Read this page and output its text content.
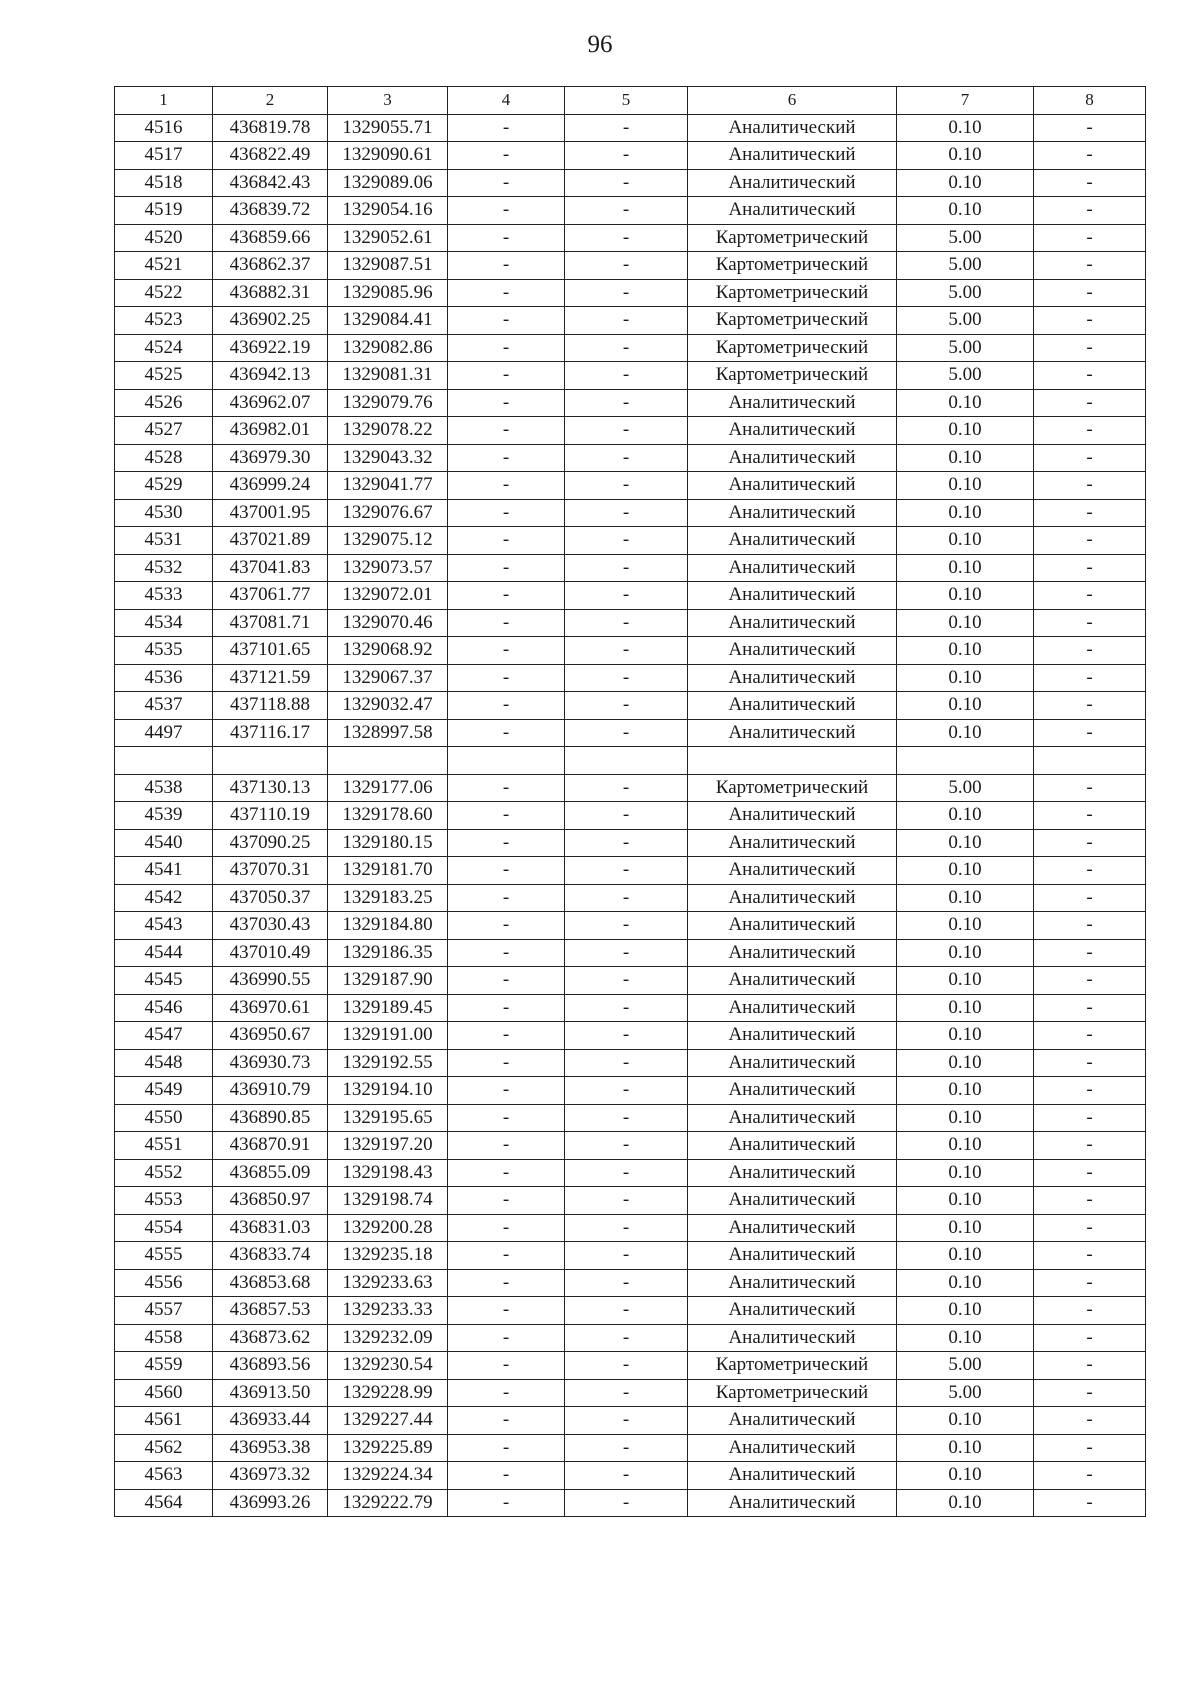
96
1	2	3	4	5	6	7	8
4516	436819.78	1329055.71	-	-	Аналитический	0.10	-
4517	436822.49	1329090.61	-	-	Аналитический	0.10	-
4518	436842.43	1329089.06	-	-	Аналитический	0.10	-
4519	436839.72	1329054.16	-	-	Аналитический	0.10	-
4520	436859.66	1329052.61	-	-	Картометрический	5.00	-
4521	436862.37	1329087.51	-	-	Картометрический	5.00	-
4522	436882.31	1329085.96	-	-	Картометрический	5.00	-
4523	436902.25	1329084.41	-	-	Картометрический	5.00	-
4524	436922.19	1329082.86	-	-	Картометрический	5.00	-
4525	436942.13	1329081.31	-	-	Картометрический	5.00	-
4526	436962.07	1329079.76	-	-	Аналитический	0.10	-
4527	436982.01	1329078.22	-	-	Аналитический	0.10	-
4528	436979.30	1329043.32	-	-	Аналитический	0.10	-
4529	436999.24	1329041.77	-	-	Аналитический	0.10	-
4530	437001.95	1329076.67	-	-	Аналитический	0.10	-
4531	437021.89	1329075.12	-	-	Аналитический	0.10	-
4532	437041.83	1329073.57	-	-	Аналитический	0.10	-
4533	437061.77	1329072.01	-	-	Аналитический	0.10	-
4534	437081.71	1329070.46	-	-	Аналитический	0.10	-
4535	437101.65	1329068.92	-	-	Аналитический	0.10	-
4536	437121.59	1329067.37	-	-	Аналитический	0.10	-
4537	437118.88	1329032.47	-	-	Аналитический	0.10	-
4497	437116.17	1328997.58	-	-	Аналитический	0.10	-

4538	437130.13	1329177.06	-	-	Картометрический	5.00	-
4539	437110.19	1329178.60	-	-	Аналитический	0.10	-
4540	437090.25	1329180.15	-	-	Аналитический	0.10	-
4541	437070.31	1329181.70	-	-	Аналитический	0.10	-
4542	437050.37	1329183.25	-	-	Аналитический	0.10	-
4543	437030.43	1329184.80	-	-	Аналитический	0.10	-
4544	437010.49	1329186.35	-	-	Аналитический	0.10	-
4545	436990.55	1329187.90	-	-	Аналитический	0.10	-
4546	436970.61	1329189.45	-	-	Аналитический	0.10	-
4547	436950.67	1329191.00	-	-	Аналитический	0.10	-
4548	436930.73	1329192.55	-	-	Аналитический	0.10	-
4549	436910.79	1329194.10	-	-	Аналитический	0.10	-
4550	436890.85	1329195.65	-	-	Аналитический	0.10	-
4551	436870.91	1329197.20	-	-	Аналитический	0.10	-
4552	436855.09	1329198.43	-	-	Аналитический	0.10	-
4553	436850.97	1329198.74	-	-	Аналитический	0.10	-
4554	436831.03	1329200.28	-	-	Аналитический	0.10	-
4555	436833.74	1329235.18	-	-	Аналитический	0.10	-
4556	436853.68	1329233.63	-	-	Аналитический	0.10	-
4557	436857.53	1329233.33	-	-	Аналитический	0.10	-
4558	436873.62	1329232.09	-	-	Аналитический	0.10	-
4559	436893.56	1329230.54	-	-	Картометрический	5.00	-
4560	436913.50	1329228.99	-	-	Картометрический	5.00	-
4561	436933.44	1329227.44	-	-	Аналитический	0.10	-
4562	436953.38	1329225.89	-	-	Аналитический	0.10	-
4563	436973.32	1329224.34	-	-	Аналитический	0.10	-
4564	436993.26	1329222.79	-	-	Аналитический	0.10	-
